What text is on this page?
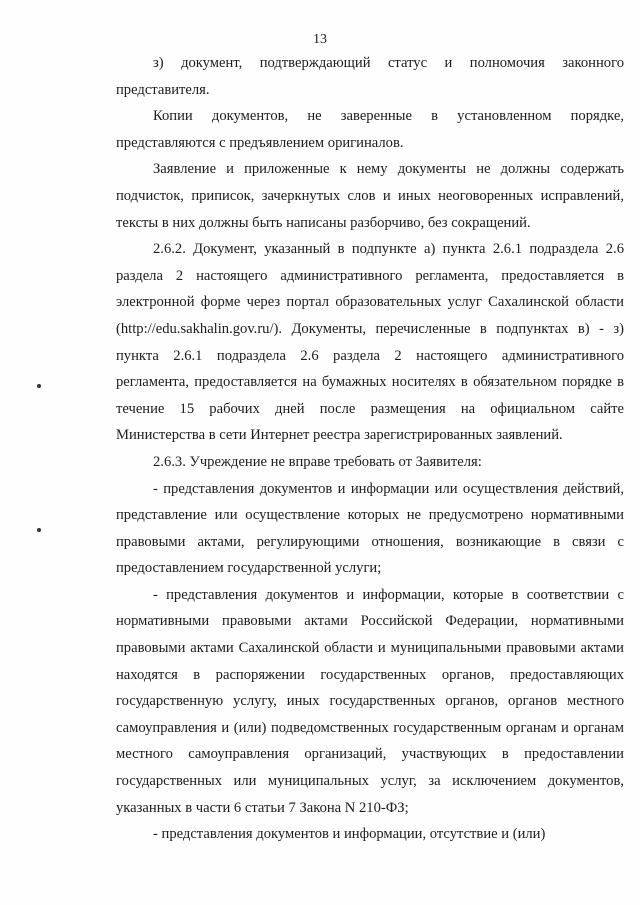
13

з) документ, подтверждающий статус и полномочия законного представителя.

Копии документов, не заверенные в установленном порядке, представляются с предъявлением оригиналов.

Заявление и приложенные к нему документы не должны содержать подчисток, приписок, зачеркнутых слов и иных неоговоренных исправлений, тексты в них должны быть написаны разборчиво, без сокращений.

2.6.2. Документ, указанный в подпункте а) пункта 2.6.1 подраздела 2.6 раздела 2 настоящего административного регламента, предоставляется в электронной форме через портал образовательных услуг Сахалинской области (http://edu.sakhalin.gov.ru/). Документы, перечисленные в подпунктах в) - з) пункта 2.6.1 подраздела 2.6 раздела 2 настоящего административного регламента, предоставляется на бумажных носителях в обязательном порядке в течение 15 рабочих дней после размещения на официальном сайте Министерства в сети Интернет реестра зарегистрированных заявлений.

2.6.3. Учреждение не вправе требовать от Заявителя:

- представления документов и информации или осуществления действий, представление или осуществление которых не предусмотрено нормативными правовыми актами, регулирующими отношения, возникающие в связи с предоставлением государственной услуги;

- представления документов и информации, которые в соответствии с нормативными правовыми актами Российской Федерации, нормативными правовыми актами Сахалинской области и муниципальными правовыми актами находятся в распоряжении государственных органов, предоставляющих государственную услугу, иных государственных органов, органов местного самоуправления и (или) подведомственных государственным органам и органам местного самоуправления организаций, участвующих в предоставлении государственных или муниципальных услуг, за исключением документов, указанных в части 6 статьи 7 Закона N 210-ФЗ;

- представления документов и информации, отсутствие и (или)
